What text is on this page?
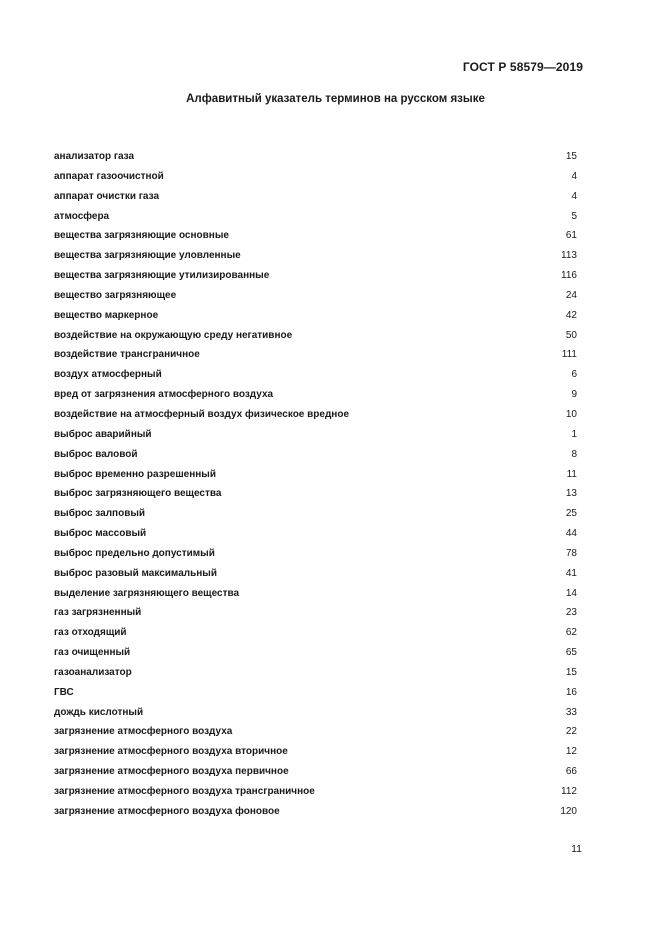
ГОСТ Р 58579—2019
Алфавитный указатель терминов на русском языке
анализатор газа	15
аппарат газоочистной	4
аппарат очистки газа	4
атмосфера	5
вещества загрязняющие основные	61
вещества загрязняющие уловленные	113
вещества загрязняющие утилизированные	116
вещество загрязняющее	24
вещество маркерное	42
воздействие на окружающую среду негативное	50
воздействие трансграничное	111
воздух атмосферный	6
вред от загрязнения атмосферного воздуха	9
воздействие на атмосферный воздух физическое вредное	10
выброс аварийный	1
выброс валовой	8
выброс временно разрешенный	11
выброс загрязняющего вещества	13
выброс залповый	25
выброс массовый	44
выброс предельно допустимый	78
выброс разовый максимальный	41
выделение загрязняющего вещества	14
газ загрязненный	23
газ отходящий	62
газ очищенный	65
газоанализатор	15
ГВС	16
дождь кислотный	33
загрязнение атмосферного воздуха	22
загрязнение атмосферного воздуха вторичное	12
загрязнение атмосферного воздуха первичное	66
загрязнение атмосферного воздуха трансграничное	112
загрязнение атмосферного воздуха фоновое	120
11
